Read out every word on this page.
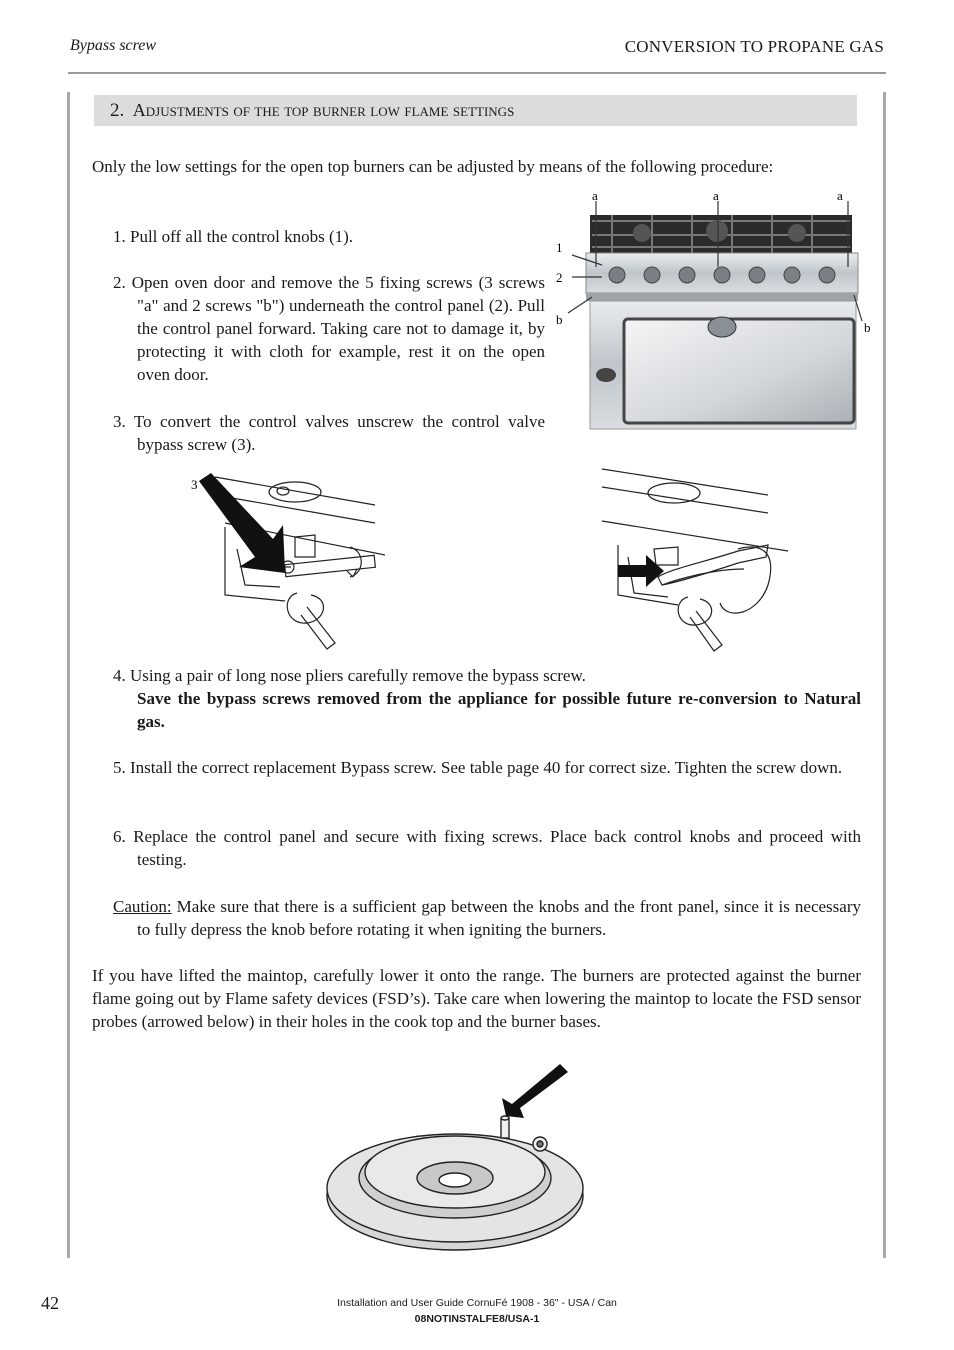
Bypass screw	CONVERSION TO PROPANE GAS
2. Adjustments of the top burner low flame settings
Only the low settings for the open top burners can be adjusted by means of the following procedure:
1. Pull off all the control knobs (1).
2. Open oven door and remove the 5 fixing screws (3 screws "a" and 2 screws "b") underneath the control panel (2). Pull the control panel forward. Taking care not to damage it, by protecting it with cloth for example, rest it on the open oven door.
3. To convert the control valves unscrew the control valve bypass screw (3).
a	a	a
1
2
b
b
3
4. Using a pair of long nose pliers carefully remove the bypass screw.
Save the bypass screws removed from the appliance for possible future re-conversion to Natural gas.
5. Install the correct replacement Bypass screw. See table page 40 for correct size. Tighten the screw down.
6. Replace the control panel and secure with fixing screws. Place back control knobs and proceed with testing.
Caution: Make sure that there is a sufficient gap between the knobs and the front panel, since it is necessary to fully depress the knob before rotating it when igniting the burners.
If you have lifted the maintop, carefully lower it onto the range. The burners are protected against the burner flame going out by Flame safety devices (FSD’s). Take care when lowering the maintop to locate the FSD sensor probes (arrowed below) in their holes in the cook top and the burner bases.
42	Installation and User Guide CornuFé 1908 - 36" - USA / Can
08NOTINSTALFE8/USA-1
